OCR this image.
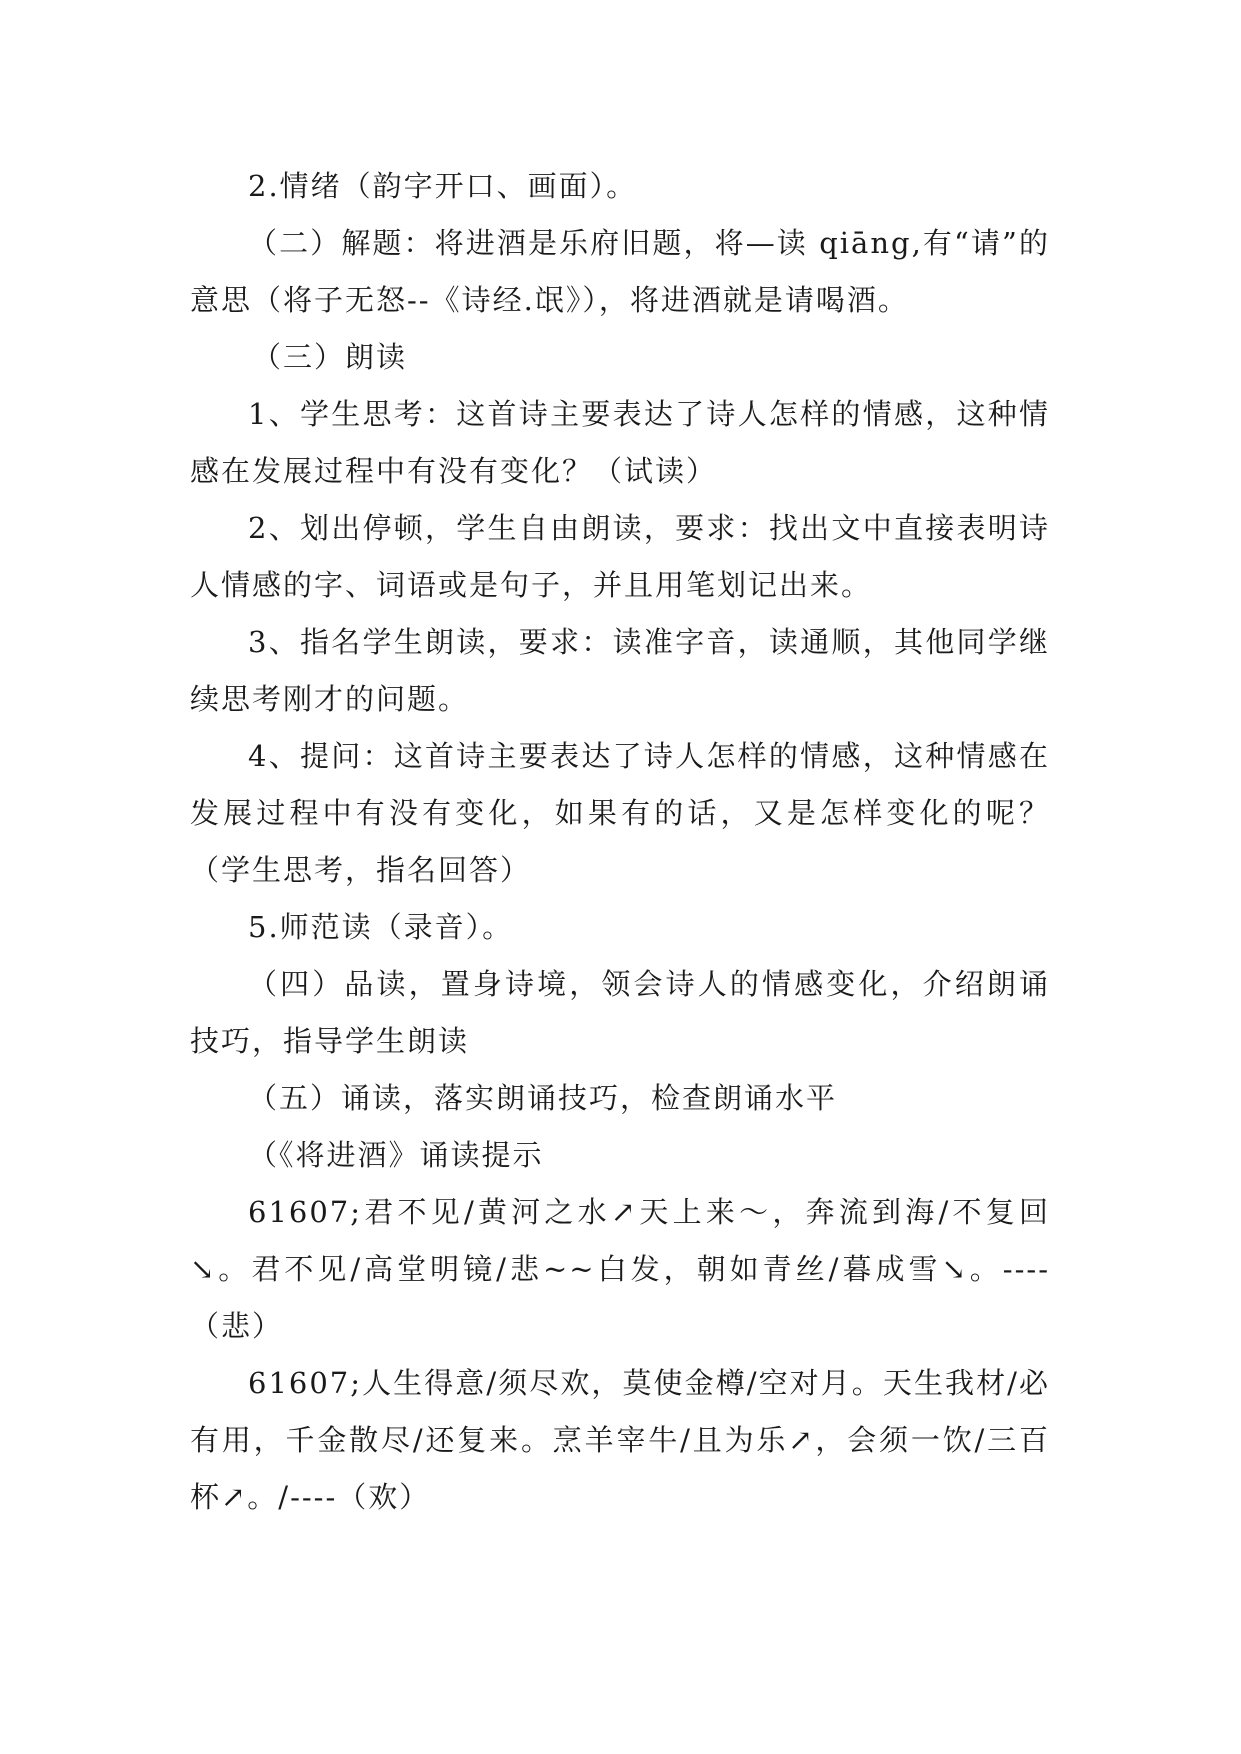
2.情绪（韵字开口、画面）。

（二）解题：将进酒是乐府旧题，将—读 qiāng,有“请”的意思（将子无怒--《诗经.氓》），将进酒就是请喝酒。

（三）朗读

1、学生思考：这首诗主要表达了诗人怎样的情感，这种情感在发展过程中有没有变化？（试读）

2、划出停顿，学生自由朗读，要求：找出文中直接表明诗人情感的字、词语或是句子，并且用笔划记出来。

3、指名学生朗读，要求：读准字音，读通顺，其他同学继续思考刚才的问题。

4、提问：这首诗主要表达了诗人怎样的情感，这种情感在发展过程中有没有变化，如果有的话，又是怎样变化的呢？（学生思考，指名回答）

5.师范读（录音）。

（四）品读，置身诗境，领会诗人的情感变化，介绍朗诵技巧，指导学生朗读

（五）诵读，落实朗诵技巧，检查朗诵水平

（《将进酒》诵读提示

61607;君不见/黄河之水↗天上来～，奔流到海/不复回↘。君不见/高堂明镜/悲~~白发，朝如青丝/暮成雪↘。----（悲）

61607;人生得意/须尽欢，莫使金樽/空对月。天生我材/必有用，千金散尽/还复来。烹羊宰牛/且为乐↗，会须一饮/三百杯↗。/----（欢）
